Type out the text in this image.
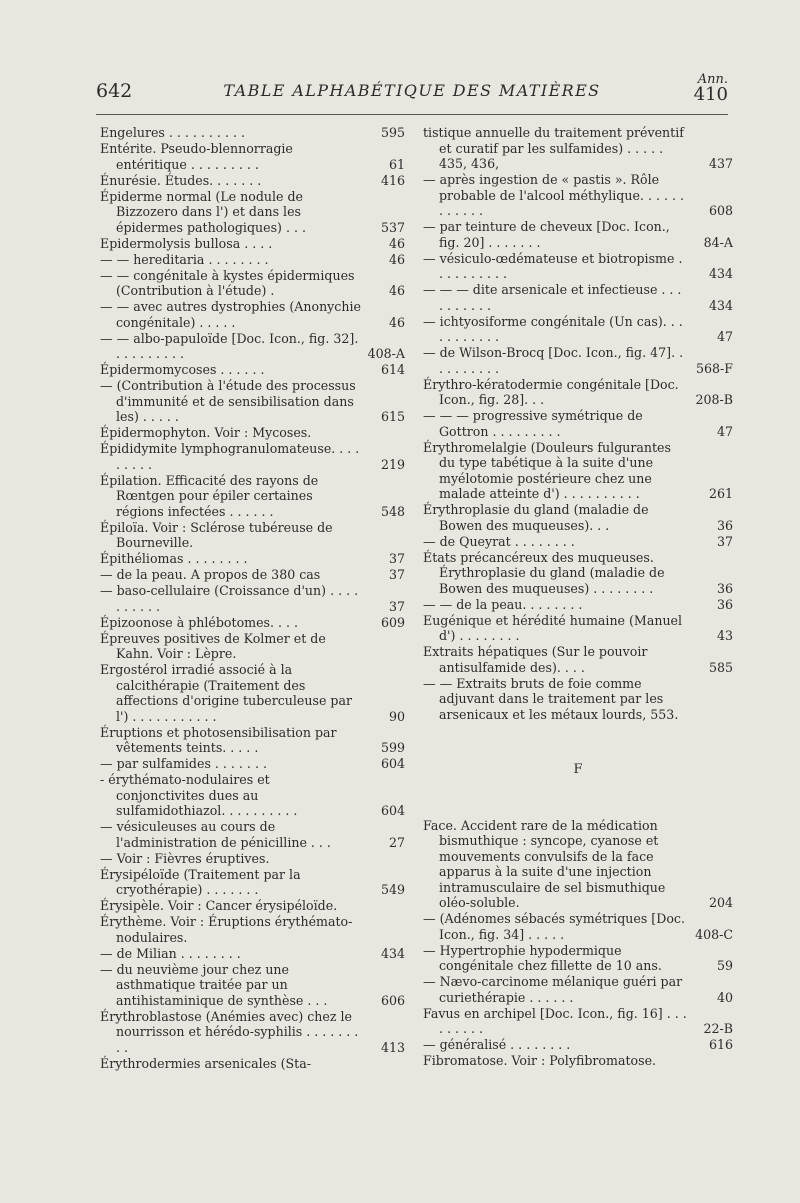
642	TABLE ALPHABÉTIQUE DES MATIÈRES
Ann.
410
Engelures . . . . . . . . . .	595
Entérite. Pseudo-blennorragie entéritique . . . . . . . . .	61
Énurésie. Études. . . . . . .	416
Épiderme normal (Le nodule de Bizzozero dans l') et dans les épidermes pathologiques) . . .	537
Epidermolysis bullosa . . . .	46
— — hereditaria . . . . . . . .	46
— — congénitale à kystes épidermiques (Contribution à l'étude) .	46
— — avec autres dystrophies (Anonychie congénitale) . . . . .	46
— — albo-papuloïde [Doc. Icon., fig. 32]. . . . . . . . . .	408-A
Épidermomycoses . . . . . .	614
— (Contribution à l'étude des processus d'immunité et de sensibilisation dans les) . . . . .	615
Épidermophyton. Voir : Mycoses.
Épididymite lymphogranulomateuse. . . . . . . . .	219
Épilation. Efficacité des rayons de Rœntgen pour épiler certaines régions infectées . . . . . .	548
Épiloïa. Voir : Sclérose tubéreuse de Bourneville.
Épithéliomas . . . . . . . .	37
— de la peau. A propos de 380 cas	37
— baso-cellulaire (Croissance d'un) . . . . . . . . . .	37
Épizoonose à phlébotomes. . . .	609
Épreuves positives de Kolmer et de Kahn. Voir : Lèpre.
Ergostérol irradié associé à la calcithérapie (Traitement des affections d'origine tuberculeuse par l') . . . . . . . . . . .	90
Éruptions et photosensibilisation par vêtements teints. . . . .	599
— par sulfamides . . . . . . .	604
- érythémato-nodulaires et conjonctivites dues au sulfamidothiazol. . . . . . . . . .	604
— vésiculeuses au cours de l'administration de pénicilline . . .	27
— Voir : Fièvres éruptives.
Érysipéloïde (Traitement par la cryothérapie) . . . . . . .	549
Érysipèle. Voir : Cancer érysipéloïde.
Érythème. Voir : Éruptions érythémato-nodulaires.
— de Milian . . . . . . . .	434
— du neuvième jour chez une asthmatique traitée par un antihistaminique de synthèse . . .	606
Érythroblastose (Anémies avec) chez le nourrisson et hérédo-syphilis . . . . . . . . .	413
Érythrodermies arsenicales (Sta-
tistique annuelle du traitement préventif et curatif par les sulfamides) . . . . . 435, 436,	437
— après ingestion de « pastis ». Rôle probable de l'alcool méthylique. . . . . . . . . . . .	608
— par teinture de cheveux [Doc. Icon., fig. 20] . . . . . . .	84-A
— vésiculo-œdémateuse et biotropisme . . . . . . . . . .	434
— — — dite arsenicale et infectieuse . . . . . . . . . .	434
— ichtyosiforme congénitale (Un cas). . . . . . . . . . .	47
— de Wilson-Brocq [Doc. Icon., fig. 47]. . . . . . . . . .	568-F
Érythro-kératodermie congénitale [Doc. Icon., fig. 28]. . .	208-B
— — — progressive symétrique de Gottron . . . . . . . . .	47
Érythromelalgie (Douleurs fulgurantes du type tabétique à la suite d'une myélotomie postérieure chez une malade atteinte d') . . . . . . . . . .	261
Érythroplasie du gland (maladie de Bowen des muqueuses). . .	36
— de Queyrat . . . . . . . .	37
États précancéreux des muqueuses. Érythroplasie du gland (maladie de Bowen des muqueuses) . . . . . . . .	36
— — de la peau. . . . . . . .	36
Eugénique et hérédité humaine (Manuel d') . . . . . . . .	43
Extraits hépatiques (Sur le pouvoir antisulfamide des). . . .	585
— — Extraits bruts de foie comme adjuvant dans le traitement par les arsenicaux et les métaux lourds, 553.
F
Face. Accident rare de la médication bismuthique : syncope, cyanose et mouvements convulsifs de la face apparus à la suite d'une injection intramusculaire de sel bismuthique oléo-soluble.	204
— (Adénomes sébacés symétriques [Doc. Icon., fig. 34] . . . . .	408-C
— Hypertrophie hypodermique congénitale chez fillette de 10 ans.	59
— Nævo-carcinome mélanique guéri par curiethérapie . . . . . .	40
Favus en archipel [Doc. Icon., fig. 16] . . . . . . . . .	22-B
— généralisé . . . . . . . .	616
Fibromatose. Voir : Polyfibromatose.
